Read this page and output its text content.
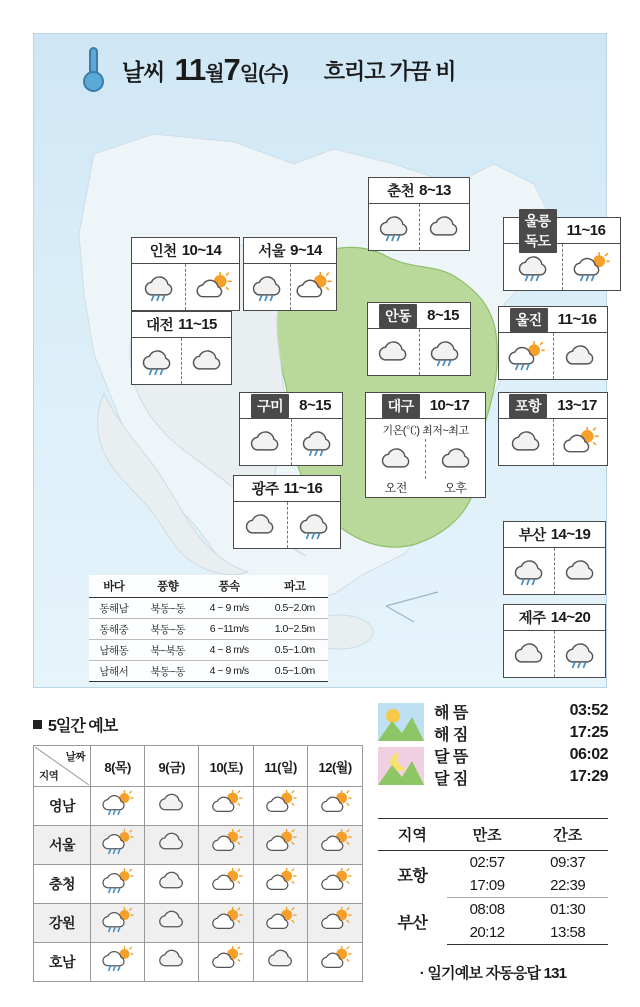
날씨 11월7일(수) 흐리고 가끔 비
춘천 8~13
울릉
독도
11~16
인천 10~14	서울 9~14
대전 11~15
안동	8~15	울진	11~16
구미	8~15	대구	10~17
기온(℃) 최저~최고
오전	오후
포항	13~17
광주 11~16
부산 14~19
제주 14~20
바다	풍향	풍속	파고
동해남	북동~동	4 ~ 9 m/s	0.5~2.0m
동해중	북동~동	6 ~11m/s	1.0~2.5m
남해동	북~북동	4 ~ 8 m/s	0.5~1.0m
남해서	북동~동	4 ~ 9 m/s	0.5~1.0m
5일간 예보
날짜
지역	8(목)	9(금)	10(토)	11(일)	12(월)
영남					
서울					
충청					
강원					
호남					
해 뜸	03:52
해 짐	17:25
달 뜸	06:02
달 짐	17:29
지역	만조	간조
포항	02:57	09:37
	17:09	22:39
부산	08:08	01:30
	20:12	13:58
· 일기예보 자동응답 131
